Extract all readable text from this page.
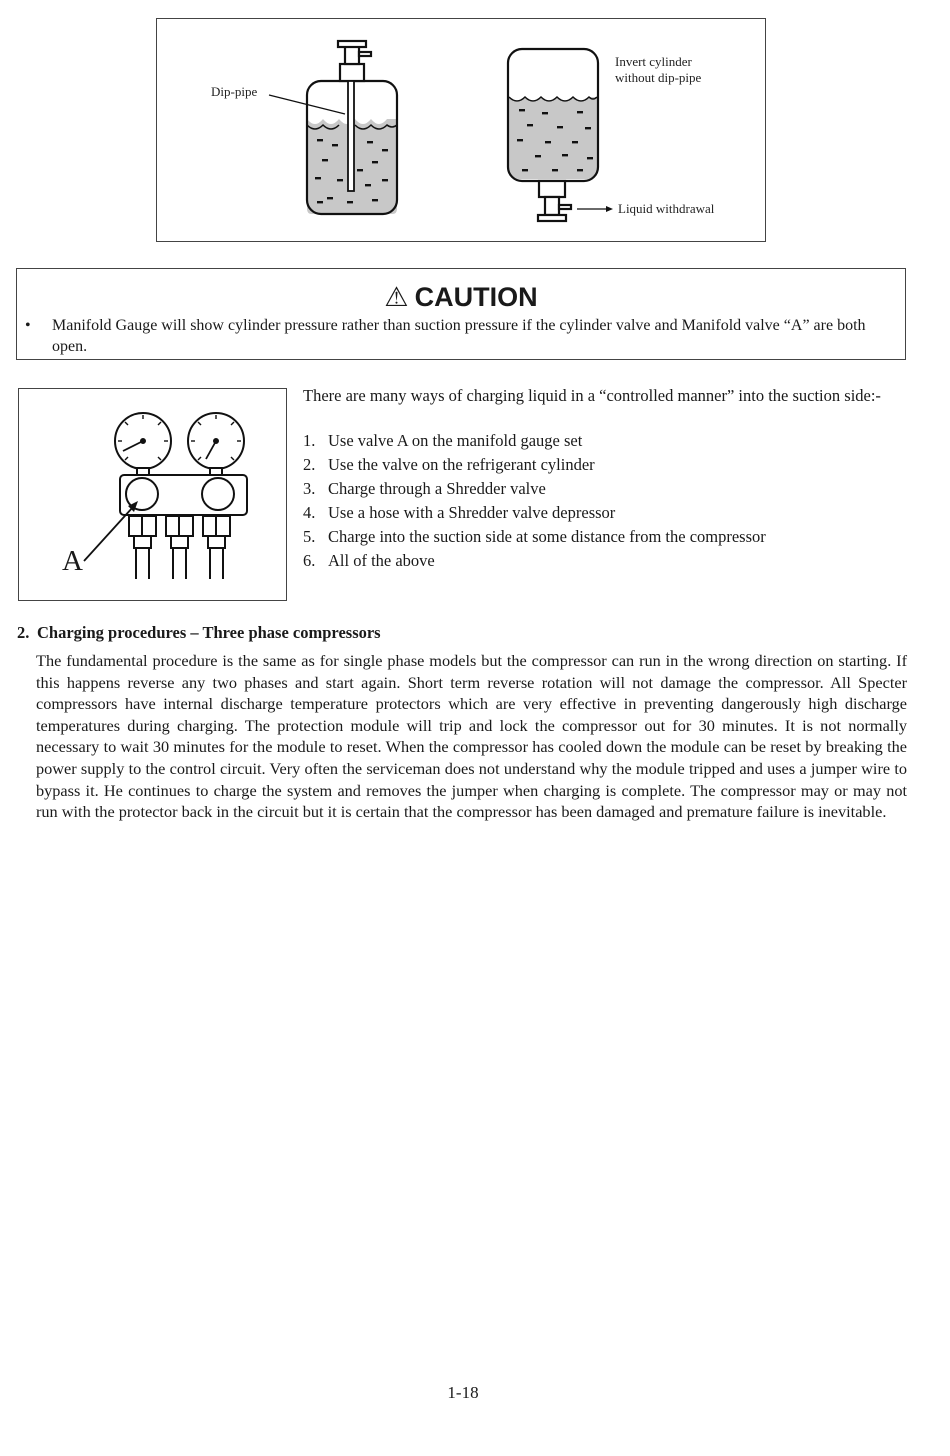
Dip-pipe
Invert cylinder
without dip-pipe
Liquid withdrawal
⚠ CAUTION
• Manifold Gauge will show cylinder pressure rather than suction pressure if the cylinder valve and Manifold valve “A” are both open.
A
There are many ways of charging liquid in a “controlled manner” into the suction side:-
1. Use valve A on the manifold gauge set
2. Use the valve on the refrigerant cylinder
3. Charge through a Shredder valve
4. Use a hose with a Shredder valve depressor
5. Charge into the suction side at some distance from the compressor
6. All of the above
2. Charging procedures – Three phase compressors
The fundamental procedure is the same as for single phase models but the compressor can run in the wrong direction on starting. If this happens reverse any two phases and start again. Short term reverse rotation will not damage the compressor. All Specter compressors have internal discharge temperature protectors which are very effective in preventing dangerously high discharge temperatures during charging. The protection module will trip and lock the compressor out for 30 minutes. It is not normally necessary to wait 30 minutes for the module to reset. When the compressor has cooled down the module can be reset by breaking the power supply to the control circuit. Very often the serviceman does not understand why the module tripped and uses a jumper wire to bypass it. He continues to charge the system and removes the jumper when charging is complete. The compressor may or may not run with the protector back in the circuit but it is certain that the compressor has been damaged and premature failure is inevitable.
1-18
